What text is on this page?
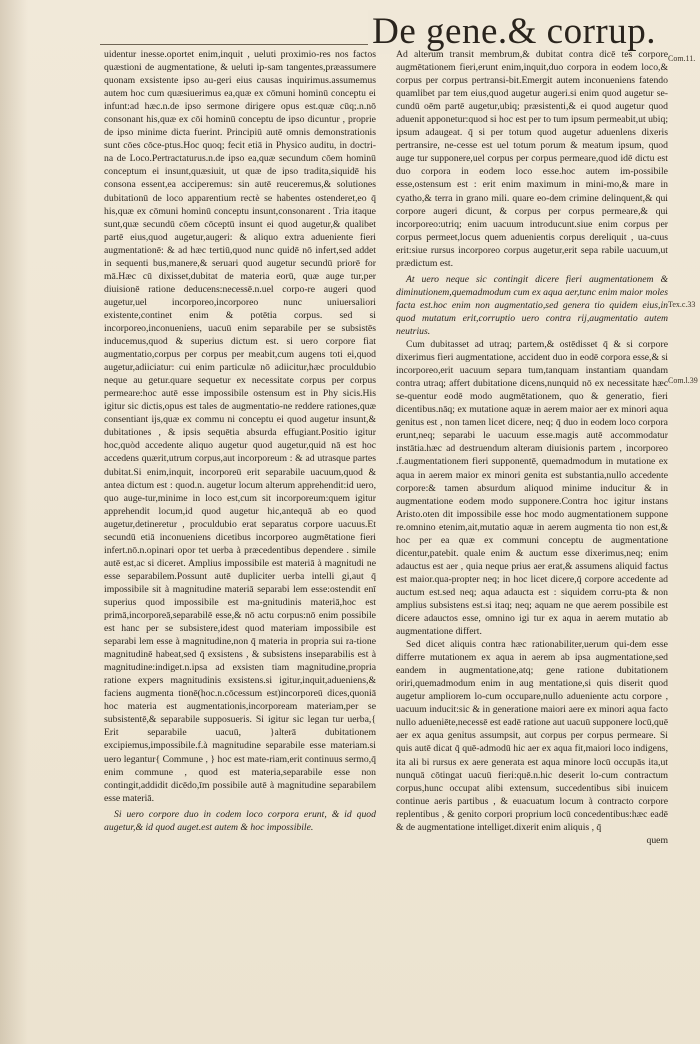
De gene.& corrup.
Com.11.
Tex.c.33
Com.l.39

uidentur inesse.oportet enim,inquit , ueluti proximio-res nos factos quæstioni de augmentatione, & ueluti ip-sam tangentes,præassumere quonam exsistente ipso au-geri eius causas inquirimus.assumemus autem hoc cum quæsiuerimus ea,quæ ex cōmuni hominū conceptu ei infunt:ad hæc.n.de ipso sermone dirigere opus est.quæ cūq;.n.nō consonant his,quæ ex cōi hominū conceptu de ipso dicuntur , proprie de ipso minime dicta fuerint. Principiū autē omnis demonstrationis sunt cōes cōce-ptus.Hoc quoq; fecit etiā in Physico auditu, in doctri-na de Loco.Pertractaturus.n.de ipso ea,quæ secundum cōem hominū conceptum ei insunt,quæsiuit, ut quæ de ipso tradita,siquidē his consona essent,ea acciperemus: sin autē reuceremus,& solutiones dubitationū de loco apparentium rectè se habentes ostenderet,eo q̄ his,quæ ex cōmuni hominū conceptu insunt,consonarent . Tria itaque sunt,quæ secundū cōem cōceptū insunt ei quod augetur,& qualibet partē eius,quod augetur,augeri: & aliquo extra adueniente fieri augmentationē: & ad hæc tertiū,quod nunc quidē nō infert,sed addet in sequenti bus,manere,& seruari quod augetur secundū priorē for mā.Hæc cū dixisset,dubitat de materia eorū, quæ auge tur,per diuisionē ratione deducens:necessē.n.uel corpo-re augeri quod augetur,uel incorporeo,incorporeo nunc uniuersaliori existente,continet enim & potētia corpus. sed si incorporeo,inconueniens, uacuū enim separabile per se subsistēs inducemus,quod & superius dictum est. si uero corpore fiat augmentatio,corpus per corpus per meabit,cum augens toti ei,quod augetur,adiiciatur: cui enim particulæ nō adiicitur,hæc proculdubio neque au getur.quare sequetur ex necessitate corpus per corpus permeare:hoc autē esse impossibile ostensum est in Phy sicis.His igitur sic dictis,opus est tales de augmentatio-ne reddere rationes,quæ consentiant ijs,quæ ex commu ni conceptu ei quod augetur insunt,& dubitationes , & ipsis sequētia absurda effugiant.Positio igitur hoc,quòd accedente aliquo augetur quod augetur,quid nā est hoc accedens quærit,utrum corpus,aut incorporeum : & ad utrasque partes dubitat.Si enim,inquit, incorporeū erit separabile uacuum,quod & antea dictum est : quod.n. augetur locum alterum apprehendit:id uero, quo auge-tur,minime in loco est,cum sit incorporeum:quem igitur apprehendit locum,id quod augetur hic,antequā ab eo quod augetur,detineretur , proculdubio erat separatus corpore uacuus.Et secundū etiā inconueniens dicetibus incorporeo augmētatione fieri infert.nō.n.opinari opor tet uerba à præcedentibus dependere . simile autē est,ac si diceret. Amplius impossibile est materiā à magnitudi ne esse separabilem.Possunt autē dupliciter uerba intelli gi,aut q̄ impossibile sit à magnitudine materiā separabi lem esse:ostendit enī superius quod impossibile est ma-gnitudinis materiā,hoc est primā,incorporeā,separabilē esse,& nō actu corpus:nō enim possibile est hanc per se subsistere,idest quod materiam impossibile est separabi lem esse à magnitudine,non q̄ materia in propria sui ra-tione magnitudinē habeat,sed q̄ exsistens , & subsistens inseparabilis est à magnitudine:indiget.n.ipsa ad exsisten tiam magnitudine,propria ratione expers magnitudinis exsistens.si igitur,inquit,adueniens,& faciens augmenta tionē(hoc.n.cōcessum est)incorporeū dices,quoniā hoc materia est augmentationis,incorpoream materiam,per se subsistentē,& separabile supposueris. Si igitur sic legan tur uerba,{ Erit separabile uacuū, }alterā dubitationem excipiemus,impossibile.f.à magnitudine separabile esse materiam.si uero legantur{ Commune , } hoc est mate-riam,erit continuus sermo,q̄ enim commune , quod est materia,separabile esse non contingit,addidit dicēdo,īm possibile autē à magnitudine separabilem esse materiā.

Si uero corpore duo in codem loco corpora erunt, & id quod augetur,& id quod auget.est autem & hoc impossibile.

Ad alterum transit membrum,& dubitat contra dicē tes corpore augmētationem fieri,erunt enim,inquit,duo corpora in eodem loco,& corpus per corpus pertransi-bit.Emergit autem inconueniens fatendo quamlibet par tem eius,quod augetur augeri.si enim quod augetur se-cundū oēm partē augetur,ubiq; præsistenti,& ei quod augetur quod aduenit apponetur:quod si hoc est per to tum ipsum permeabit,ut ubiq; ipsum adaugeat. q̄ si per totum quod augetur aduenlens dixeris pertransire, ne-cesse est uel totum porum & meatum ipsum, quod auge tur supponere,uel corpus per corpus permeare,quod idē dictu est duo corpora in eodem loco esse.hoc autem im-possibile esse,ostensum est : erit enim maximum in mini-mo,& mare in cyatho,& terra in grano mili. quare eo-dem crimine delinquent,& qui corpore augeri dicunt, & corpus per corpus permeare,& qui incorporeo:utriq; enim uacuum introducunt.siue enim corpus per corpus permeet,locus quem aduenientis corpus dereliquit , ua-cuus erit:siue rursus incorporeo corpus augetur,erit sepa rabile uacuum,ut prædictum est.

At uero neque sic contingit dicere fieri augmentationem & diminutionem,quemadmodum cum ex aqua aer,tunc enim maior moles facta est.hoc enim non augmentatio,sed genera tio quidem eius,in quod mutatum erit,corruptio uero contra rij,augmentatio autem neutrius.

Cum dubitasset ad utraq; partem,& ostēdisset q̄ & si corpore dixerimus fieri augmentatione, accident duo in eodē corpora esse,& si incorporeo,erit uacuum separa tum,tanquam instantiam quandam contra utraq; affert dubitatione dicens,nunquid nō ex necessitate hæc se-quentur eodē modo augmētationem, quo & generatio, fieri dicentibus.nāq; ex mutatione aquæ in aerem maior aer ex minori aqua genitus est , non tamen licet dicere, neq; q̄ duo in eodem loco corpora erunt,neq; separabi le uacuum esse.magis autē accommodatur instātia.hæc ad destruendum alteram diuisionis partem , incorporeo .f.augmentationem fieri supponentē, quemadmodum in mutatione ex aqua in aerem maior ex minori genita est substantia,nullo accedente corpore:& tamen absurdum aliquod minime inducitur & in augmentatione eodem modo supponere.Contra hoc igitur instans Aristo.oten dit impossibile esse hoc modo augmentationem suppone re.omnino etenim,ait,mutatio aquæ in aerem augmenta tio non est,& hoc per ea quæ ex communi conceptu de augmentatione dicentur,patebit. quale enim & auctum esse dixerimus,neq; enim adauctus est aer , quia neque prius aer erat,& assumens aliquid factus est maior.qua-propter neq; in hoc licet dicere,q̄ corpore accedente ad auctum est.sed neq; aqua adaucta est : siquidem corru-pta & non amplius subsistens est.si itaq; neq; aquam ne que aerem possibile est dicere adauctos esse, omnino igi tur ex aqua in aerem mutatio ab augmentatione differt.

Sed dicet aliquis contra hæc rationabiliter,uerum qui-dem esse differre mutationem ex aqua in aerem ab ipsa augmentatione,sed eandem in augmentatione,atq; gene ratione dubitationem oriri,quemadmodum enim in aug mentatione,si quis diserit quod augetur ampliorem lo-cum occupare,nullo adueniente actu corpore , uacuum inducit:sic & in generatione maiori aere ex minori aqua facto nullo adueniēte,necessē est eadē ratione aut uacuū supponere locū,quē aer ex aqua genitus assumpsit, aut corpus per corpus permeare. Si quis autē dicat q̄ quē-admodū hic aer ex aqua fit,maiori loco indigens, ita ali bi rursus ex aere generata est aqua minore locū occupās ita,ut nunquā cōtingat uacuū fieri:quē.n.hic deserit lo-cum contractum corpus,hunc occupat alibi extensum, succedentibus sibi inuicem continue aeris partibus , & euacuatum locum à contracto corpore replentibus , & genito corpori proprium locū concedentibus:hæc eadē & de augmentatione intelliget.dixerit enim aliquis , q̄

quem
